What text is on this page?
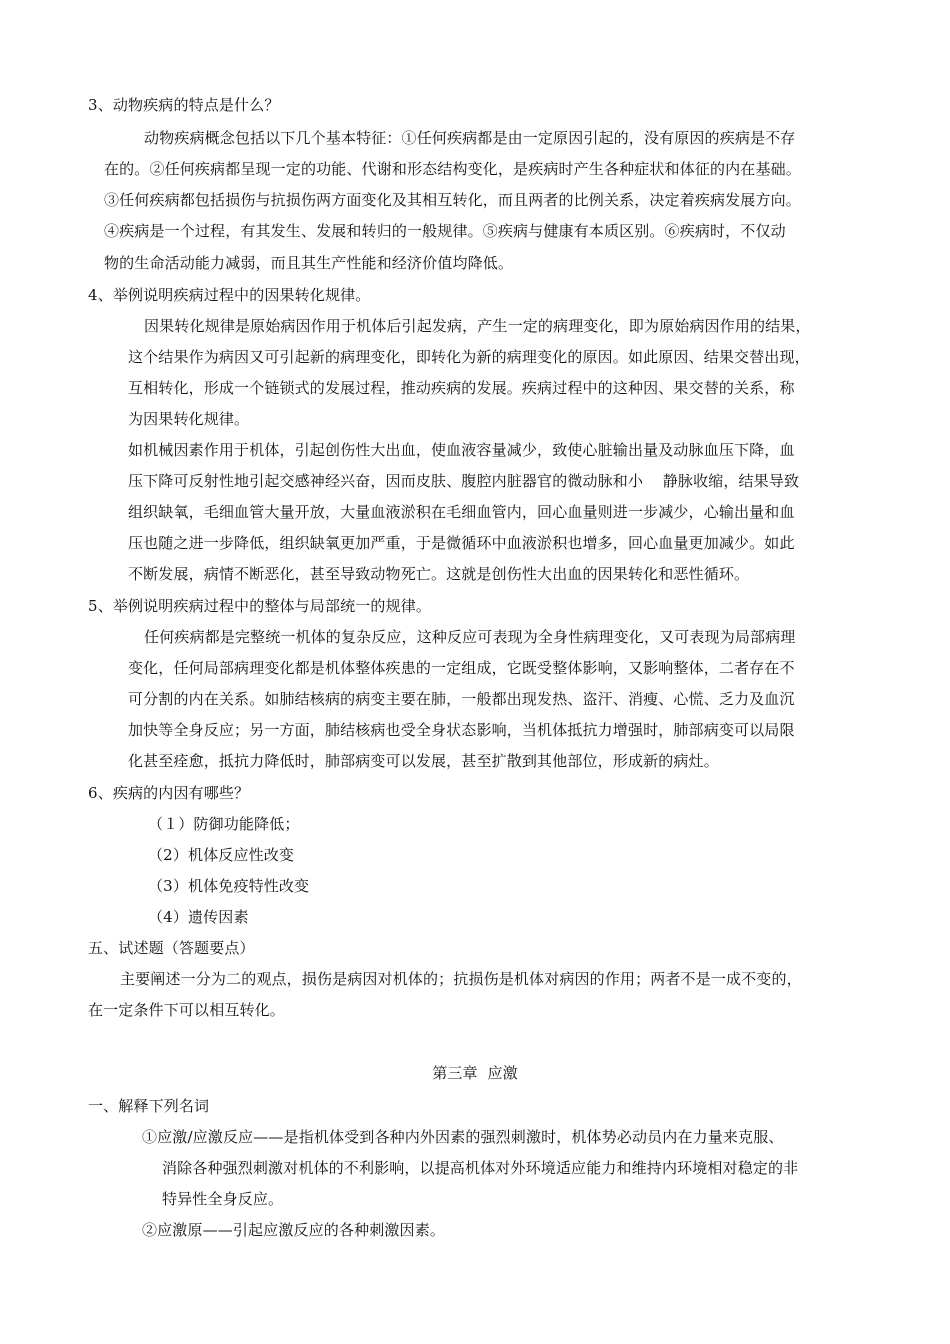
3、动物疾病的特点是什么？
动物疾病概念包括以下几个基本特征：①任何疾病都是由一定原因引起的，没有原因的疾病是不存
在的。②任何疾病都呈现一定的功能、代谢和形态结构变化，是疾病时产生各种症状和体征的内在基础。
③任何疾病都包括损伤与抗损伤两方面变化及其相互转化，而且两者的比例关系，决定着疾病发展方向。
④疾病是一个过程，有其发生、发展和转归的一般规律。⑤疾病与健康有本质区别。⑥疾病时，不仅动
物的生命活动能力减弱，而且其生产性能和经济价值均降低。
4、举例说明疾病过程中的因果转化规律。
因果转化规律是原始病因作用于机体后引起发病，产生一定的病理变化，即为原始病因作用的结果，
这个结果作为病因又可引起新的病理变化，即转化为新的病理变化的原因。如此原因、结果交替出现，
互相转化，形成一个链锁式的发展过程，推动疾病的发展。疾病过程中的这种因、果交替的关系，称
为因果转化规律。
如机械因素作用于机体，引起创伤性大出血，使血液容量减少，致使心脏输出量及动脉血压下降，血
压下降可反射性地引起交感神经兴奋，因而皮肤、腹腔内脏器官的微动脉和小    静脉收缩，结果导致
组织缺氧，毛细血管大量开放，大量血液淤积在毛细血管内，回心血量则进一步减少，心输出量和血
压也随之进一步降低，组织缺氧更加严重，于是微循环中血液淤积也增多，回心血量更加减少。如此
不断发展，病情不断恶化，甚至导致动物死亡。这就是创伤性大出血的因果转化和恶性循环。
5、举例说明疾病过程中的整体与局部统一的规律。
任何疾病都是完整统一机体的复杂反应，这种反应可表现为全身性病理变化，又可表现为局部病理
变化，任何局部病理变化都是机体整体疾患的一定组成，它既受整体影响，又影响整体，二者存在不
可分割的内在关系。如肺结核病的病变主要在肺，一般都出现发热、盗汗、消瘦、心慌、乏力及血沉
加快等全身反应；另一方面，肺结核病也受全身状态影响，当机体抵抗力增强时，肺部病变可以局限
化甚至痊愈，抵抗力降低时，肺部病变可以发展，甚至扩散到其他部位，形成新的病灶。
6、疾病的内因有哪些？
（１）防御功能降低；
（2）机体反应性改变
（3）机体免疫特性改变
（4）遗传因素
五、试述题（答题要点）
主要阐述一分为二的观点，损伤是病因对机体的；抗损伤是机体对病因的作用；两者不是一成不变的，
在一定条件下可以相互转化。
第三章  应激
一、解释下列名词
①应激/应激反应——是指机体受到各种内外因素的强烈刺激时，机体势必动员内在力量来克服、
消除各种强烈刺激对机体的不利影响，以提高机体对外环境适应能力和维持内环境相对稳定的非
特异性全身反应。
②应激原——引起应激反应的各种刺激因素。
